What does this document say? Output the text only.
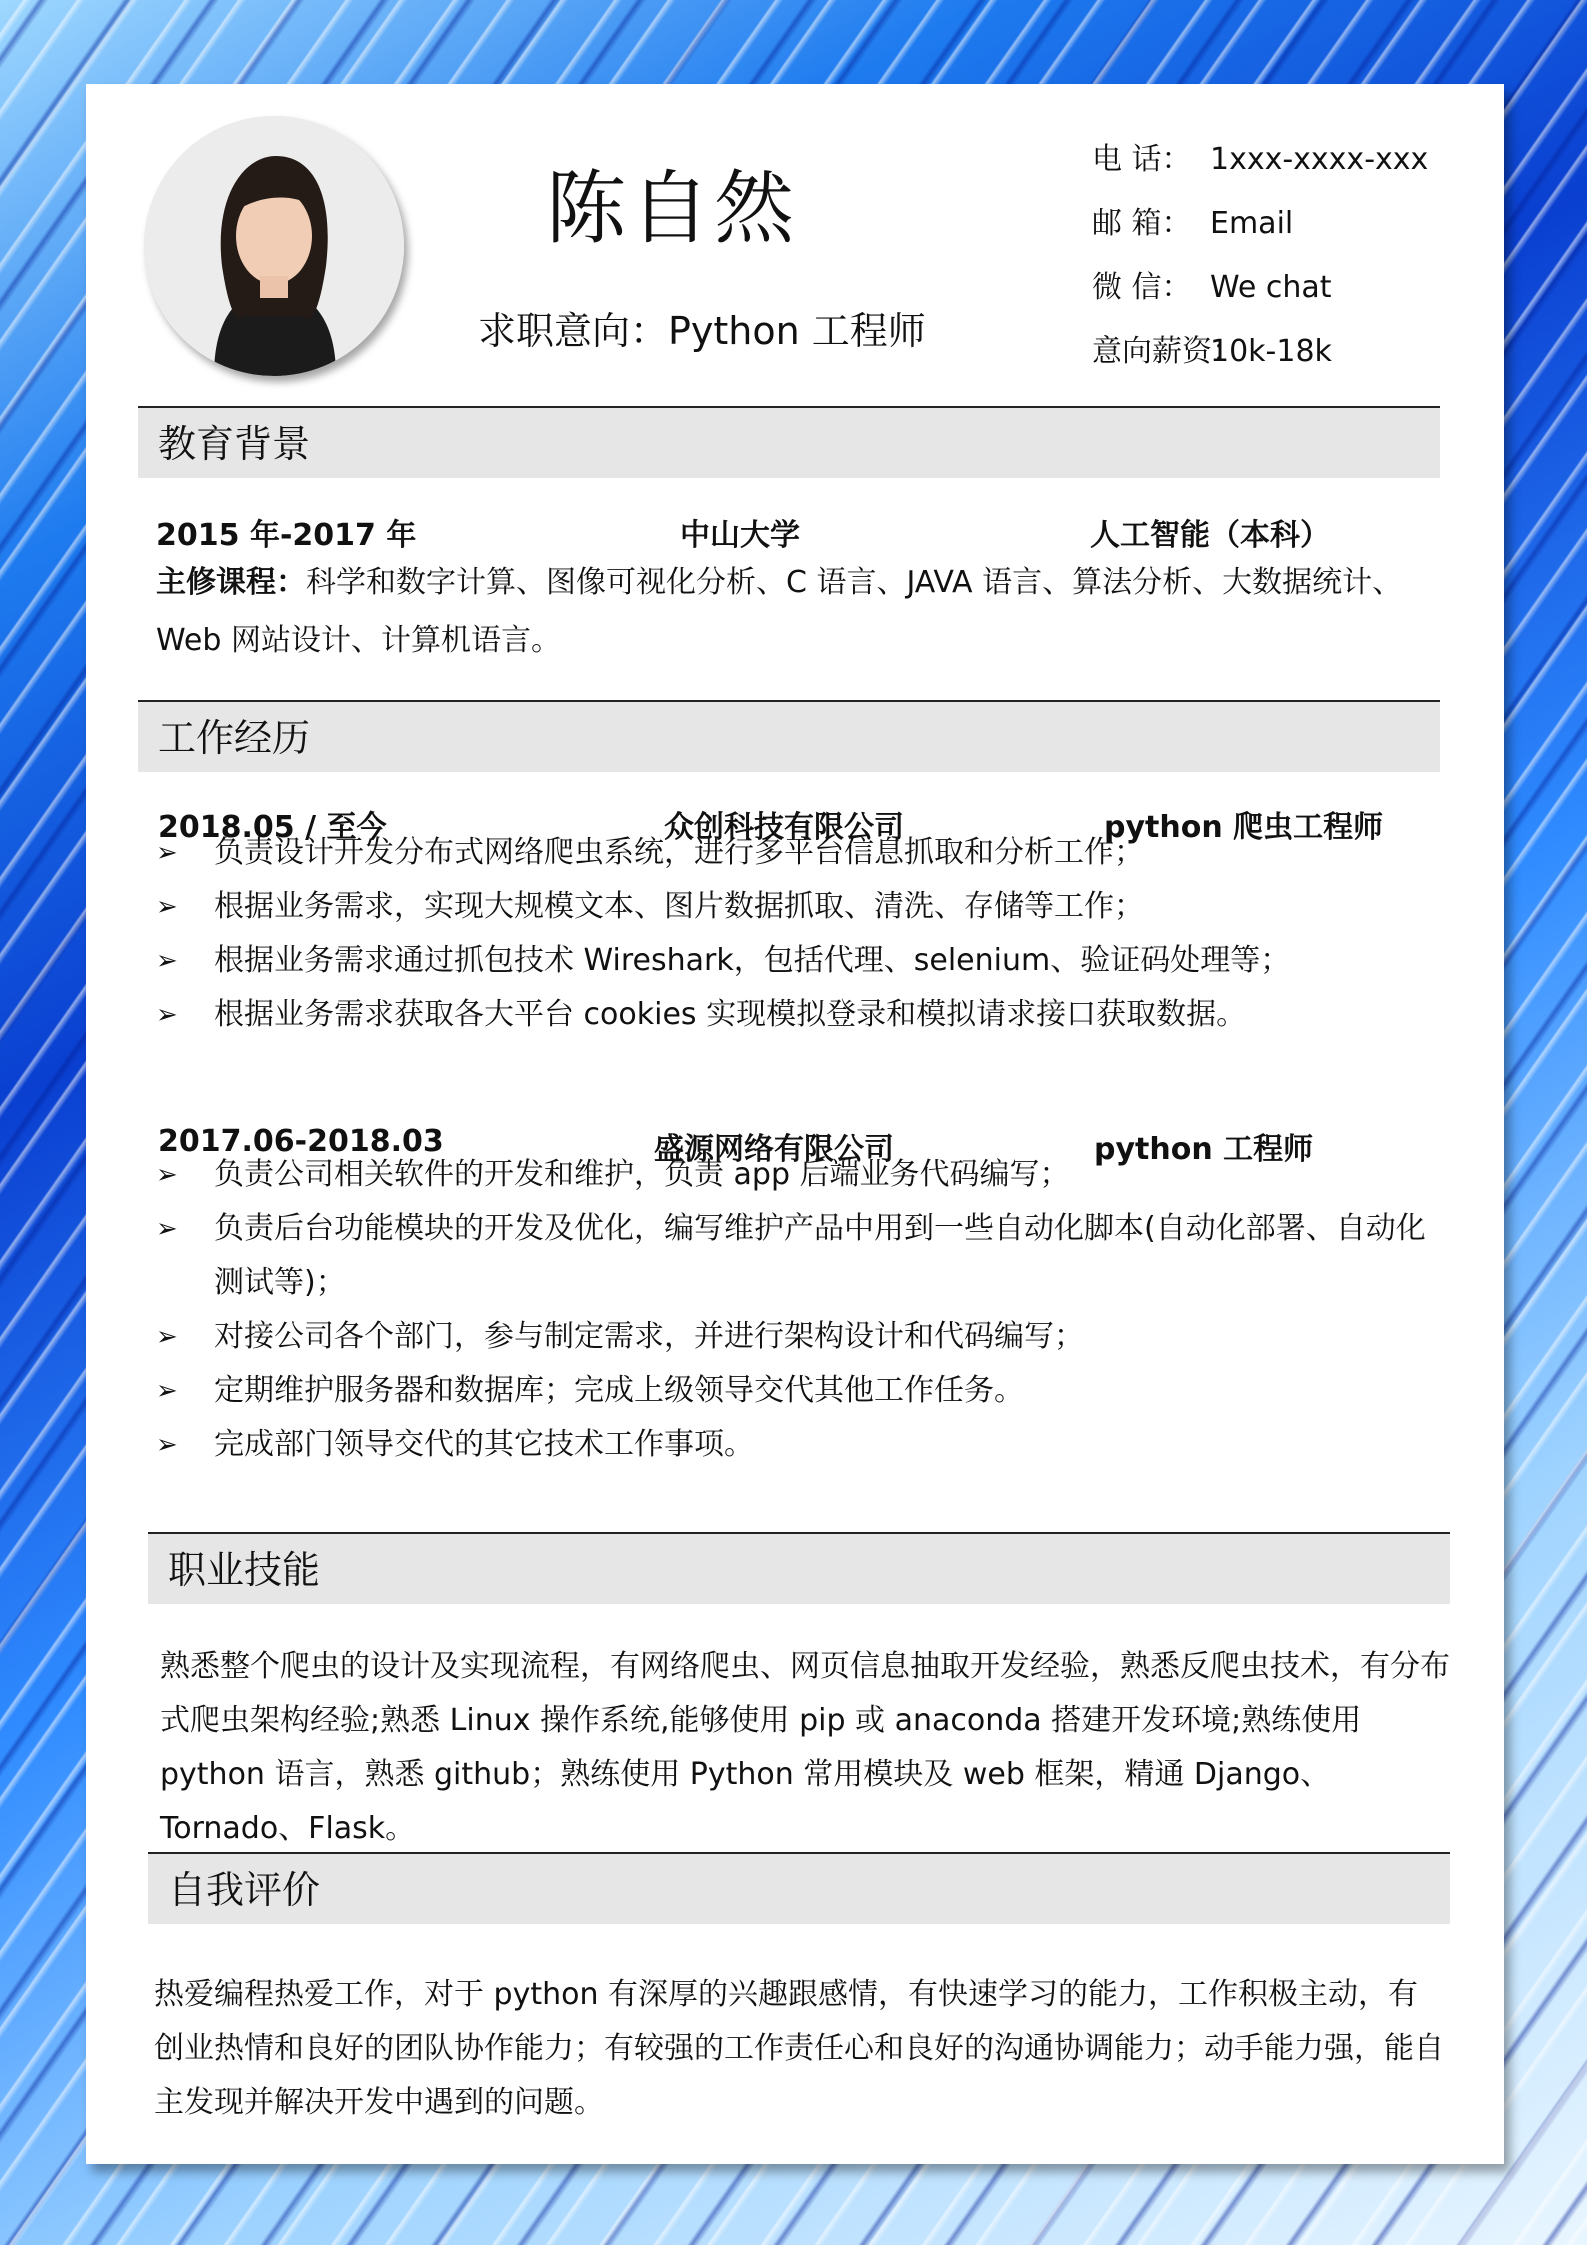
陈自然
求职意向：Python 工程师
电 话： 1xxx-xxxx-xxx
邮 箱： Email
微 信： We chat
意向薪资：10k-18k
教育背景
2015 年-2017 年	中山大学	人工智能（本科）
主修课程：科学和数字计算、图像可视化分析、C 语言、JAVA 语言、算法分析、大数据统计、Web 网站设计、计算机语言。
工作经历
2018.05 / 至今	众创科技有限公司	python 爬虫工程师
➢ 负责设计开发分布式网络爬虫系统，进行多平台信息抓取和分析工作；
➢ 根据业务需求，实现大规模文本、图片数据抓取、清洗、存储等工作；
➢ 根据业务需求通过抓包技术 Wireshark，包括代理、selenium、验证码处理等；
➢ 根据业务需求获取各大平台 cookies 实现模拟登录和模拟请求接口获取数据。
2017.06-2018.03	盛源网络有限公司	python 工程师
➢ 负责公司相关软件的开发和维护，负责 app 后端业务代码编写；
➢ 负责后台功能模块的开发及优化，编写维护产品中用到一些自动化脚本(自动化部署、自动化测试等)；
➢ 对接公司各个部门，参与制定需求，并进行架构设计和代码编写；
➢ 定期维护服务器和数据库；完成上级领导交代其他工作任务。
➢ 完成部门领导交代的其它技术工作事项。
职业技能
熟悉整个爬虫的设计及实现流程，有网络爬虫、网页信息抽取开发经验，熟悉反爬虫技术，有分布式爬虫架构经验;熟悉 Linux 操作系统,能够使用 pip 或 anaconda 搭建开发环境;熟练使用 python 语言，熟悉 github；熟练使用 Python 常用模块及 web 框架，精通 Django、Tornado、Flask。
自我评价
热爱编程热爱工作，对于 python 有深厚的兴趣跟感情，有快速学习的能力，工作积极主动，有创业热情和良好的团队协作能力；有较强的工作责任心和良好的沟通协调能力；动手能力强，能自主发现并解决开发中遇到的问题。
